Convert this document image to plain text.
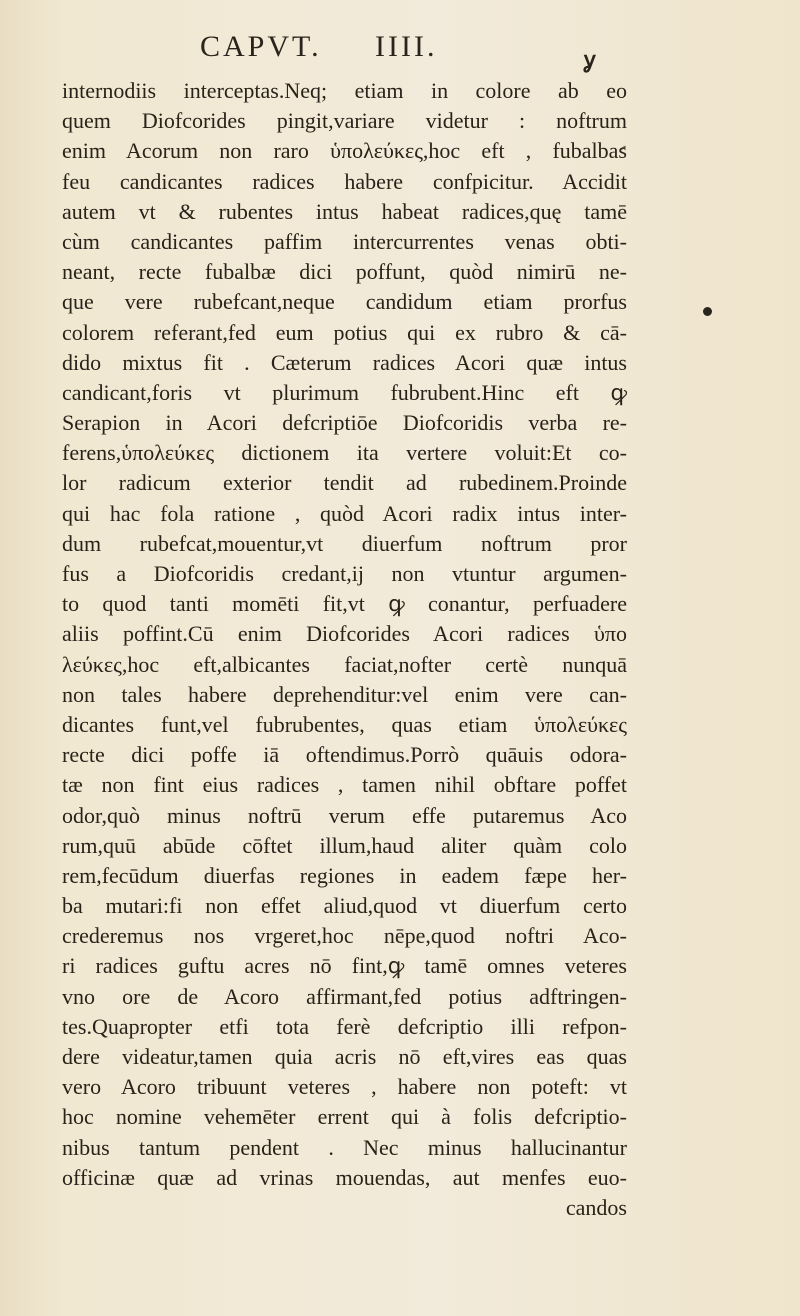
CAPVT. IIII.	ỿ
internodiis interceptas.Neq; etiam in colore ab eo
quem Diofcorides pingit,variare videtur : noftrum
enim Acorum non raro ὑπολεύκες,hoc eft , fubalbas
feu candicantes radices habere confpicitur. Accidit
autem vt & rubentes intus habeat radices,quę tamē
cùm candicantes paffim intercurrentes venas obti-
neant, recte fubalbæ dici poffunt, quòd nimirū ne-
que vere rubefcant,neque candidum etiam prorfus
colorem referant,fed eum potius qui ex rubro & cā-
dido mixtus fit . Cæterum radices Acori quæ intus
candicant,foris vt plurimum fubrubent.Hinc eft ꝙ
Serapion in Acori defcriptiōe Diofcoridis verba re-
ferens,ὑπολεύκες dictionem ita vertere voluit:Et co-
lor radicum exterior tendit ad rubedinem.Proinde
qui hac fola ratione , quòd Acori radix intus inter-
dum rubefcat,mouentur,vt diuerfum noftrum pror
fus a Diofcoridis credant,ij non vtuntur argumen-
to quod tanti momēti fit,vt ꝙ conantur, perfuadere
aliis poffint.Cū enim Diofcorides Acori radices ὑπο
λεύκες,hoc eft,albicantes faciat,nofter certè nunquā
non tales habere deprehenditur:vel enim vere can-
dicantes funt,vel fubrubentes, quas etiam ὑπολεύκες
recte dici poffe iā oftendimus.Porrò quāuis odora-
tæ non fint eius radices , tamen nihil obftare poffet
odor,quò minus noftrū verum effe putaremus Aco
rum,quū abūde cōftet illum,haud aliter quàm colo
rem,fecūdum diuerfas regiones in eadem fæpe her-
ba mutari:fi non effet aliud,quod vt diuerfum certo
crederemus nos vrgeret,hoc nēpe,quod noftri Aco-
ri radices guftu acres nō fint,ꝙ tamē omnes veteres
vno ore de Acoro affirmant,fed potius adftringen-
tes.Quapropter etfi tota ferè defcriptio illi refpon-
dere videatur,tamen quia acris nō eft,vires eas quas
vero Acoro tribuunt veteres , habere non poteft: vt
hoc nomine vehemēter errent qui à folis defcriptio-
nibus tantum pendent . Nec minus hallucinantur
officinæ quæ ad vrinas mouendas, aut menfes euo-
candos
